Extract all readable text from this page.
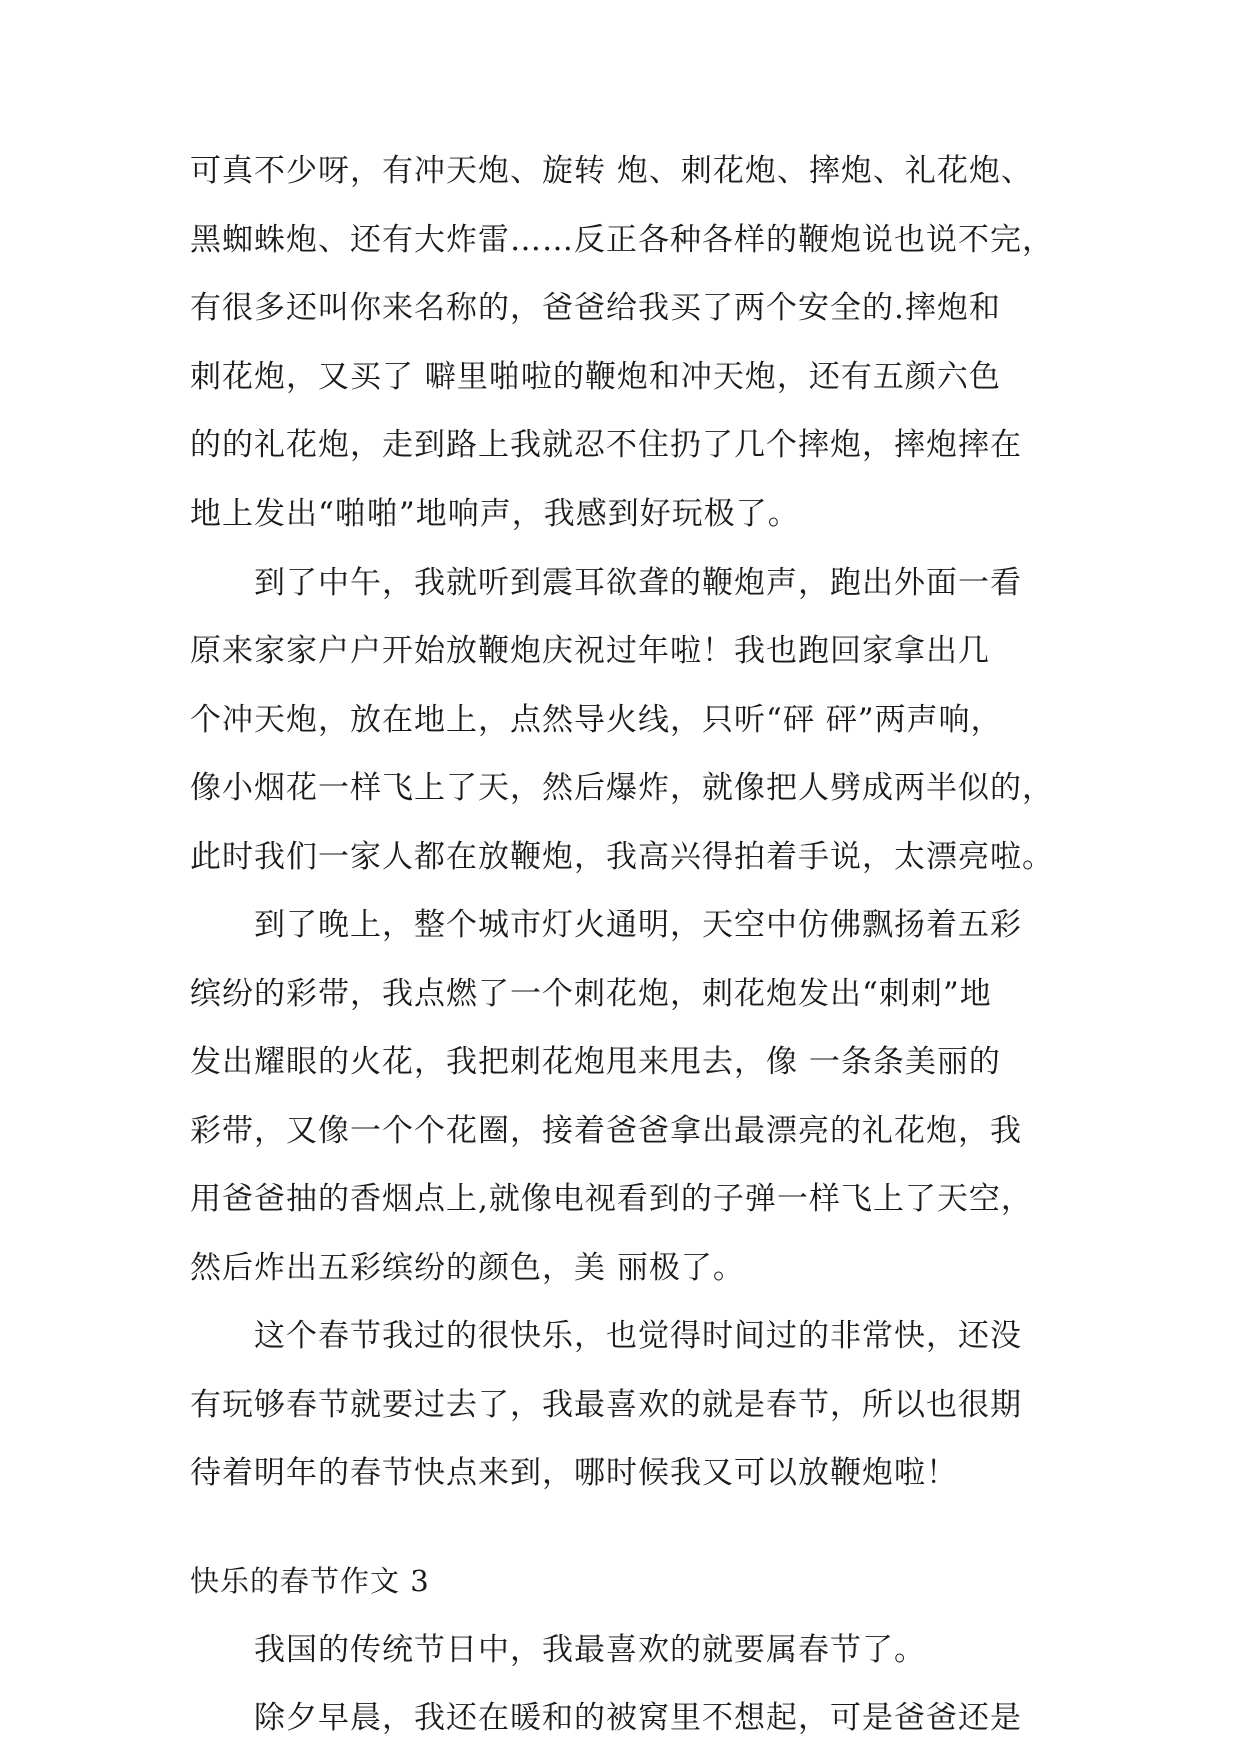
可真不少呀，有冲天炮、旋转 炮、刺花炮、摔炮、礼花炮、
黑蜘蛛炮、还有大炸雷……反正各种各样的鞭炮说也说不完，
有很多还叫你来名称的，爸爸给我买了两个安全的.摔炮和
刺花炮，又买了 噼里啪啦的鞭炮和冲天炮，还有五颜六色
的的礼花炮，走到路上我就忍不住扔了几个摔炮，摔炮摔在
地上发出“啪啪”地响声，我感到好玩极了。
　　到了中午，我就听到震耳欲聋的鞭炮声，跑出外面一看
原来家家户户开始放鞭炮庆祝过年啦！我也跑回家拿出几
个冲天炮，放在地上，点然导火线，只听“砰 砰”两声响，
像小烟花一样飞上了天，然后爆炸，就像把人劈成两半似的，
此时我们一家人都在放鞭炮，我高兴得拍着手说，太漂亮啦。
　　到了晚上，整个城市灯火通明，天空中仿佛飘扬着五彩
缤纷的彩带，我点燃了一个刺花炮，刺花炮发出“刺刺”地
发出耀眼的火花，我把刺花炮甩来甩去，像 一条条美丽的
彩带，又像一个个花圈，接着爸爸拿出最漂亮的礼花炮，我
用爸爸抽的香烟点上,就像电视看到的子弹一样飞上了天空，
然后炸出五彩缤纷的颜色，美 丽极了。
　　这个春节我过的很快乐，也觉得时间过的非常快，还没
有玩够春节就要过去了，我最喜欢的就是春节，所以也很期
待着明年的春节快点来到，哪时候我又可以放鞭炮啦！
快乐的春节作文 3
　　我国的传统节日中，我最喜欢的就要属春节了。
　　除夕早晨，我还在暖和的被窝里不想起，可是爸爸还是
